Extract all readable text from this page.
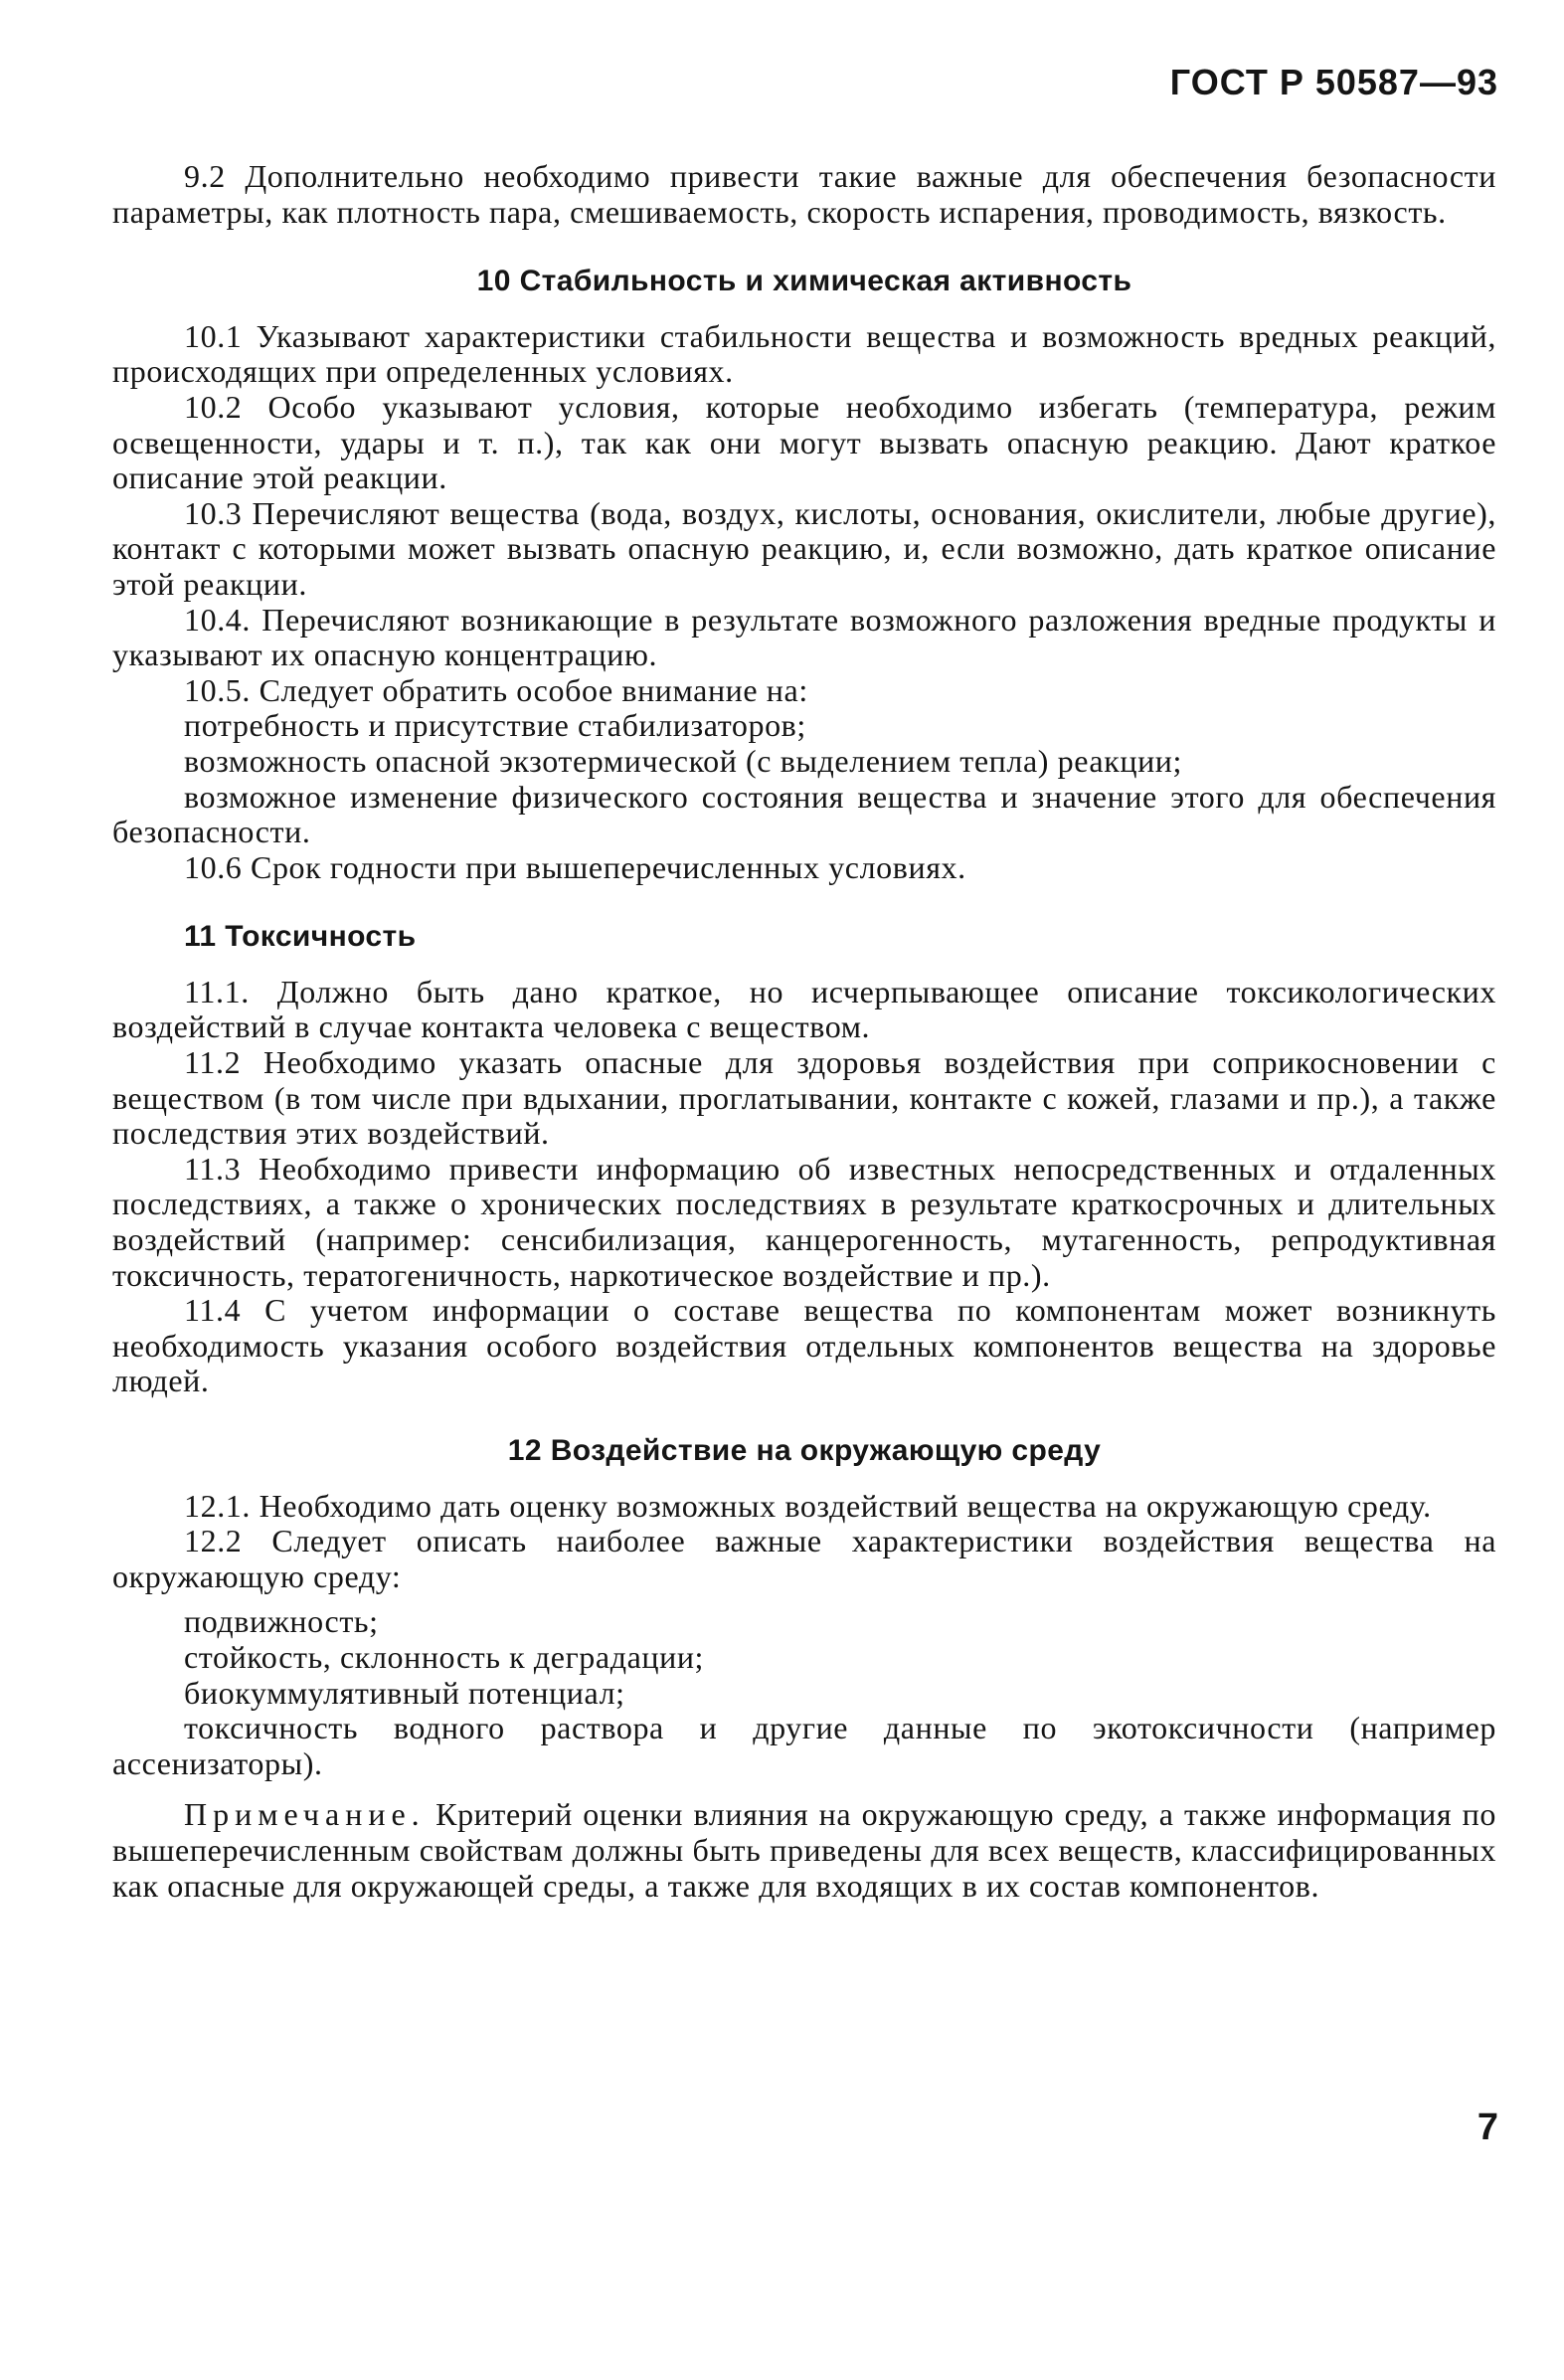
ГОСТ Р 50587—93

9.2 Дополнительно необходимо привести такие важные для обеспечения безопасности параметры, как плотность пара, смешиваемость, скорость испарения, проводимость, вязкость.

10 Стабильность и химическая активность

10.1 Указывают характеристики стабильности вещества и возможность вредных реакций, происходящих при определенных условиях.

10.2 Особо указывают условия, которые необходимо избегать (температура, режим освещенности, удары и т. п.), так как они могут вызвать опасную реакцию. Дают краткое описание этой реакции.

10.3 Перечисляют вещества (вода, воздух, кислоты, основания, окислители, любые другие), контакт с которыми может вызвать опасную реакцию, и, если возможно, дать краткое описание этой реакции.

10.4. Перечисляют возникающие в результате возможного разложения вредные продукты и указывают их опасную концентрацию.

10.5. Следует обратить особое внимание на:

потребность и присутствие стабилизаторов;

возможность опасной экзотермической (с выделением тепла) реакции;

возможное изменение физического состояния вещества и значение этого для обеспечения безопасности.

10.6 Срок годности при вышеперечисленных условиях.

11 Токсичность

11.1. Должно быть дано краткое, но исчерпывающее описание токсикологических воздействий в случае контакта человека с веществом.

11.2 Необходимо указать опасные для здоровья воздействия при соприкосновении с веществом (в том числе при вдыхании, проглатывании, контакте с кожей, глазами и пр.), а также последствия этих воздействий.

11.3 Необходимо привести информацию об известных непосредственных и отдаленных последствиях, а также о хронических последствиях в результате краткосрочных и длительных воздействий (например: сенсибилизация, канцерогенность, мутагенность, репродуктивная токсичность, тератогеничность, наркотическое воздействие и пр.).

11.4 С учетом информации о составе вещества по компонентам может возникнуть необходимость указания особого воздействия отдельных компонентов вещества на здоровье людей.

12 Воздействие на окружающую среду

12.1. Необходимо дать оценку возможных воздействий вещества на окружающую среду.

12.2 Следует описать наиболее важные характеристики воздействия вещества на окружающую среду:

подвижность;

стойкость, склонность к деградации;

биокуммулятивный потенциал;

токсичность водного раствора и другие данные по экотоксичности (например ассенизаторы).

Примечание. Критерий оценки влияния на окружающую среду, а также информация по вышеперечисленным свойствам должны быть приведены для всех веществ, классифицированных как опасные для окружающей среды, а также для входящих в их состав компонентов.

7
